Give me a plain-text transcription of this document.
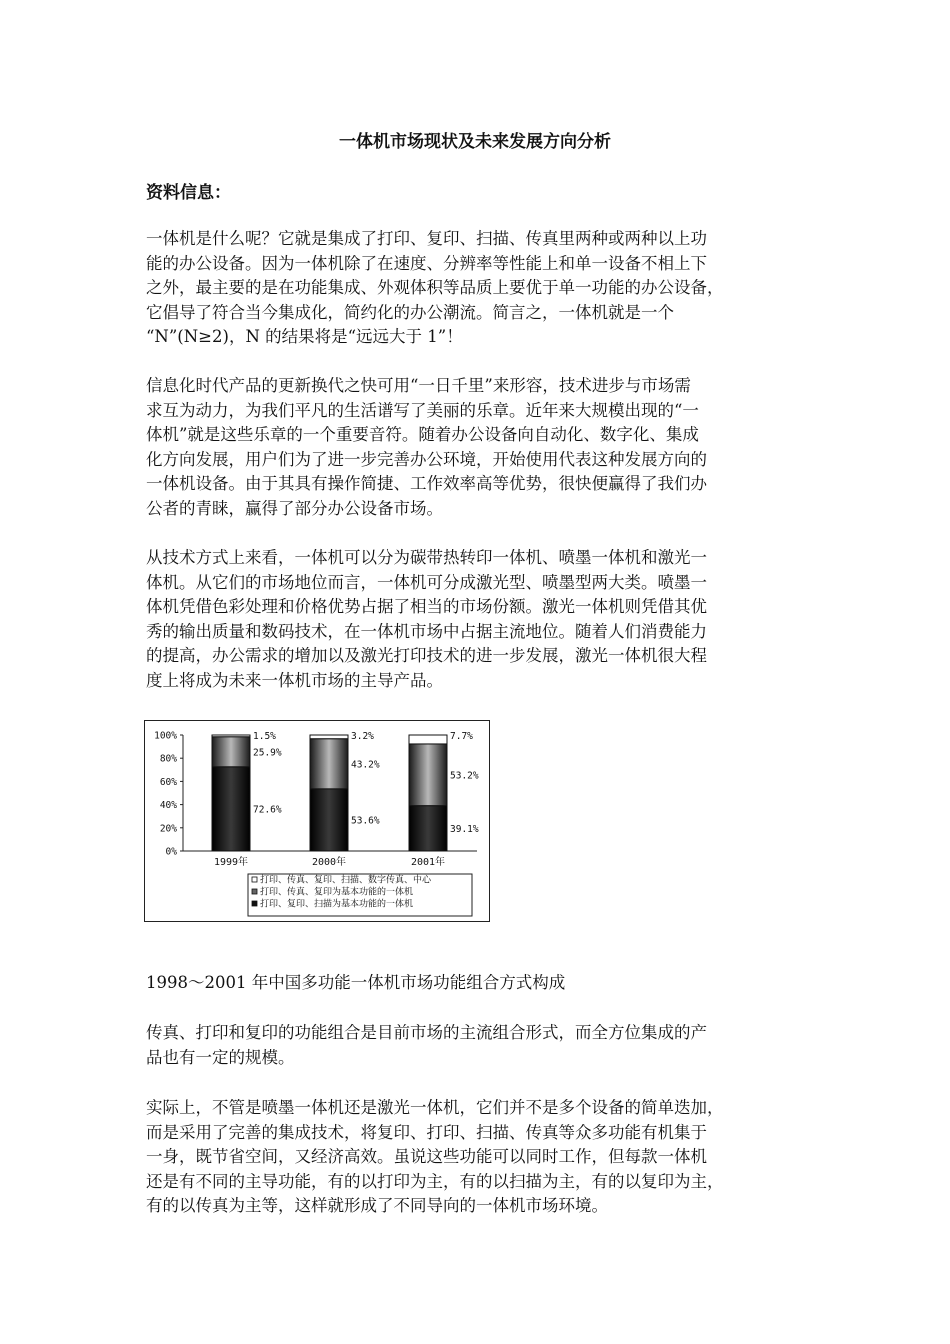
一体机市场现状及未来发展方向分析
资料信息：
一体机是什么呢？它就是集成了打印、复印、扫描、传真里两种或两种以上功
能的办公设备。因为一体机除了在速度、分辨率等性能上和单一设备不相上下
之外，最主要的是在功能集成、外观体积等品质上要优于单一功能的办公设备，
它倡导了符合当今集成化，简约化的办公潮流。简言之，一体机就是一个
“N”(N≥2)，N 的结果将是“远远大于 1”！
信息化时代产品的更新换代之快可用“一日千里”来形容，技术进步与市场需
求互为动力，为我们平凡的生活谱写了美丽的乐章。近年来大规模出现的“一
体机”就是这些乐章的一个重要音符。随着办公设备向自动化、数字化、集成
化方向发展，用户们为了进一步完善办公环境，开始使用代表这种发展方向的
一体机设备。由于其具有操作简捷、工作效率高等优势，很快便赢得了我们办
公者的青睐，赢得了部分办公设备市场。
从技术方式上来看，一体机可以分为碳带热转印一体机、喷墨一体机和激光一
体机。从它们的市场地位而言，一体机可分成激光型、喷墨型两大类。喷墨一
体机凭借色彩处理和价格优势占据了相当的市场份额。激光一体机则凭借其优
秀的输出质量和数码技术，在一体机市场中占据主流地位。随着人们消费能力
的提高，办公需求的增加以及激光打印技术的进一步发展，激光一体机很大程
度上将成为未来一体机市场的主导产品。
0%
20%
40%
60%
80%
100%
72.6%
25.9%
1.5%
1999年
53.6%
43.2%
3.2%
2000年
39.1%
53.2%
7.7%
2001年
打印、传真、复印、扫描、数字传真、中心
打印、传真、复印为基本功能的一体机
打印、复印、扫描为基本功能的一体机
1998～2001 年中国多功能一体机市场功能组合方式构成
传真、打印和复印的功能组合是目前市场的主流组合形式，而全方位集成的产
品也有一定的规模。
实际上，不管是喷墨一体机还是激光一体机，它们并不是多个设备的简单迭加，
而是采用了完善的集成技术，将复印、打印、扫描、传真等众多功能有机集于
一身，既节省空间，又经济高效。虽说这些功能可以同时工作，但每款一体机
还是有不同的主导功能，有的以打印为主，有的以扫描为主，有的以复印为主，
有的以传真为主等，这样就形成了不同导向的一体机市场环境。
